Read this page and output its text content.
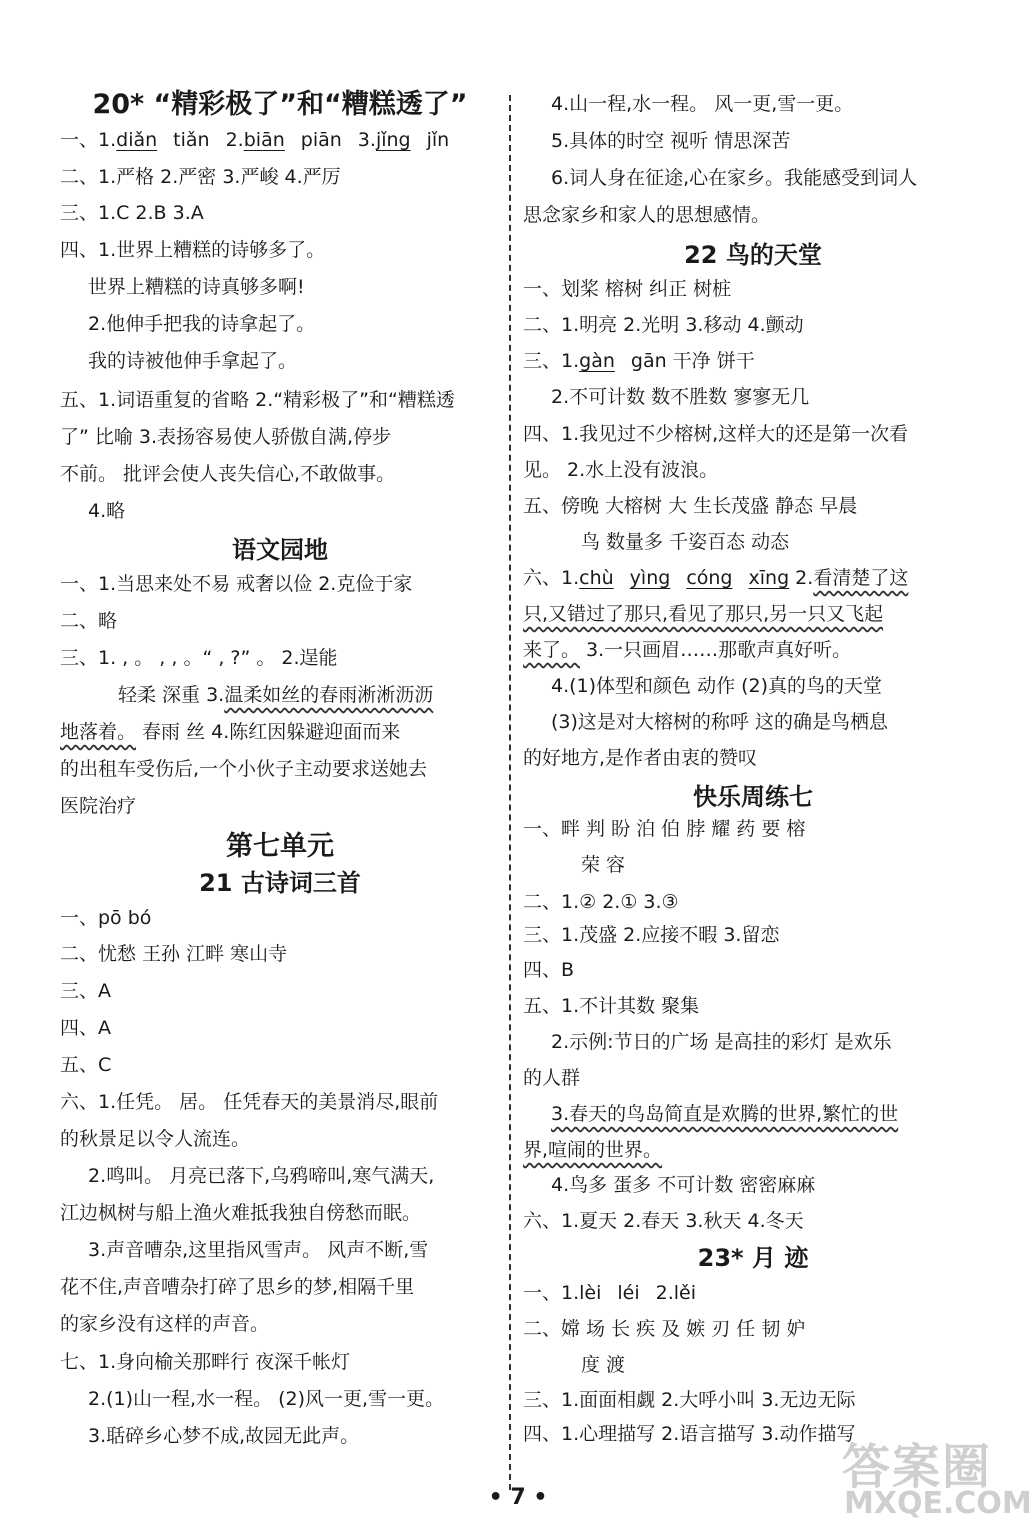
20* “精彩极了”和“糟糕透了”
一、1.diǎn tiǎn 2.biān piān 3.jǐng jǐn
二、1.严格 2.严密 3.严峻 4.严厉
三、1.C 2.B 3.A
四、1.世界上糟糕的诗够多了。
世界上糟糕的诗真够多啊!
2.他伸手把我的诗拿起了。
我的诗被他伸手拿起了。
五、1.词语重复的省略 2.“精彩极了”和“糟糕透
了” 比喻 3.表扬容易使人骄傲自满,停步
不前。 批评会使人丧失信心,不敢做事。
4.略
语文园地
一、1.当思来处不易 戒奢以俭 2.克俭于家
二、略
三、1. , 。 , , 。“ , ?” 。 2.逞能
轻柔 深重 3.温柔如丝的春雨淅淅沥沥
地落着。 春雨 丝 4.陈红因躲避迎面而来
的出租车受伤后,一个小伙子主动要求送她去
医院治疗
第七单元
21 古诗词三首
一、pō bó
二、忧愁 王孙 江畔 寒山寺
三、A
四、A
五、C
六、1.任凭。 居。 任凭春天的美景消尽,眼前
的秋景足以令人流连。
2.鸣叫。 月亮已落下,乌鸦啼叫,寒气满天,
江边枫树与船上渔火难抵我独自傍愁而眠。
3.声音嘈杂,这里指风雪声。 风声不断,雪
花不住,声音嘈杂打碎了思乡的梦,相隔千里
的家乡没有这样的声音。
七、1.身向榆关那畔行 夜深千帐灯
2.(1)山一程,水一程。 (2)风一更,雪一更。
3.聒碎乡心梦不成,故园无此声。
4.山一程,水一程。 风一更,雪一更。
5.具体的时空 视听 情思深苦
6.词人身在征途,心在家乡。我能感受到词人
思念家乡和家人的思想感情。
22 鸟的天堂
一、划桨 榕树 纠正 树桩
二、1.明亮 2.光明 3.移动 4.颤动
三、1.gàn gān 干净 饼干
2.不可计数 数不胜数 寥寥无几
四、1.我见过不少榕树,这样大的还是第一次看
见。 2.水上没有波浪。
五、傍晚 大榕树 大 生长茂盛 静态 早晨
鸟 数量多 千姿百态 动态
六、1.chù yìng cóng xīng 2.看清楚了这
只,又错过了那只,看见了那只,另一只又飞起
来了。 3.一只画眉……那歌声真好听。
4.(1)体型和颜色 动作 (2)真的鸟的天堂
(3)这是对大榕树的称呼 这的确是鸟栖息
的好地方,是作者由衷的赞叹
快乐周练七
一、畔 判 盼 泊 伯 脖 耀 药 要 榕
荣 容
二、1.② 2.① 3.③
三、1.茂盛 2.应接不暇 3.留恋
四、B
五、1.不计其数 聚集
2.示例:节日的广场 是高挂的彩灯 是欢乐
的人群
3.春天的鸟岛简直是欢腾的世界,繁忙的世
界,喧闹的世界。
4.鸟多 蛋多 不可计数 密密麻麻
六、1.夏天 2.春天 3.秋天 4.冬天
23* 月 迹
一、1.lèi léi 2.lěi
二、嫦 场 长 疾 及 嫉 刃 任 韧 妒
度 渡
三、1.面面相觑 2.大呼小叫 3.无边无际
四、1.心理描写 2.语言描写 3.动作描写
• 7 •
答案圈
MXQE.COM
